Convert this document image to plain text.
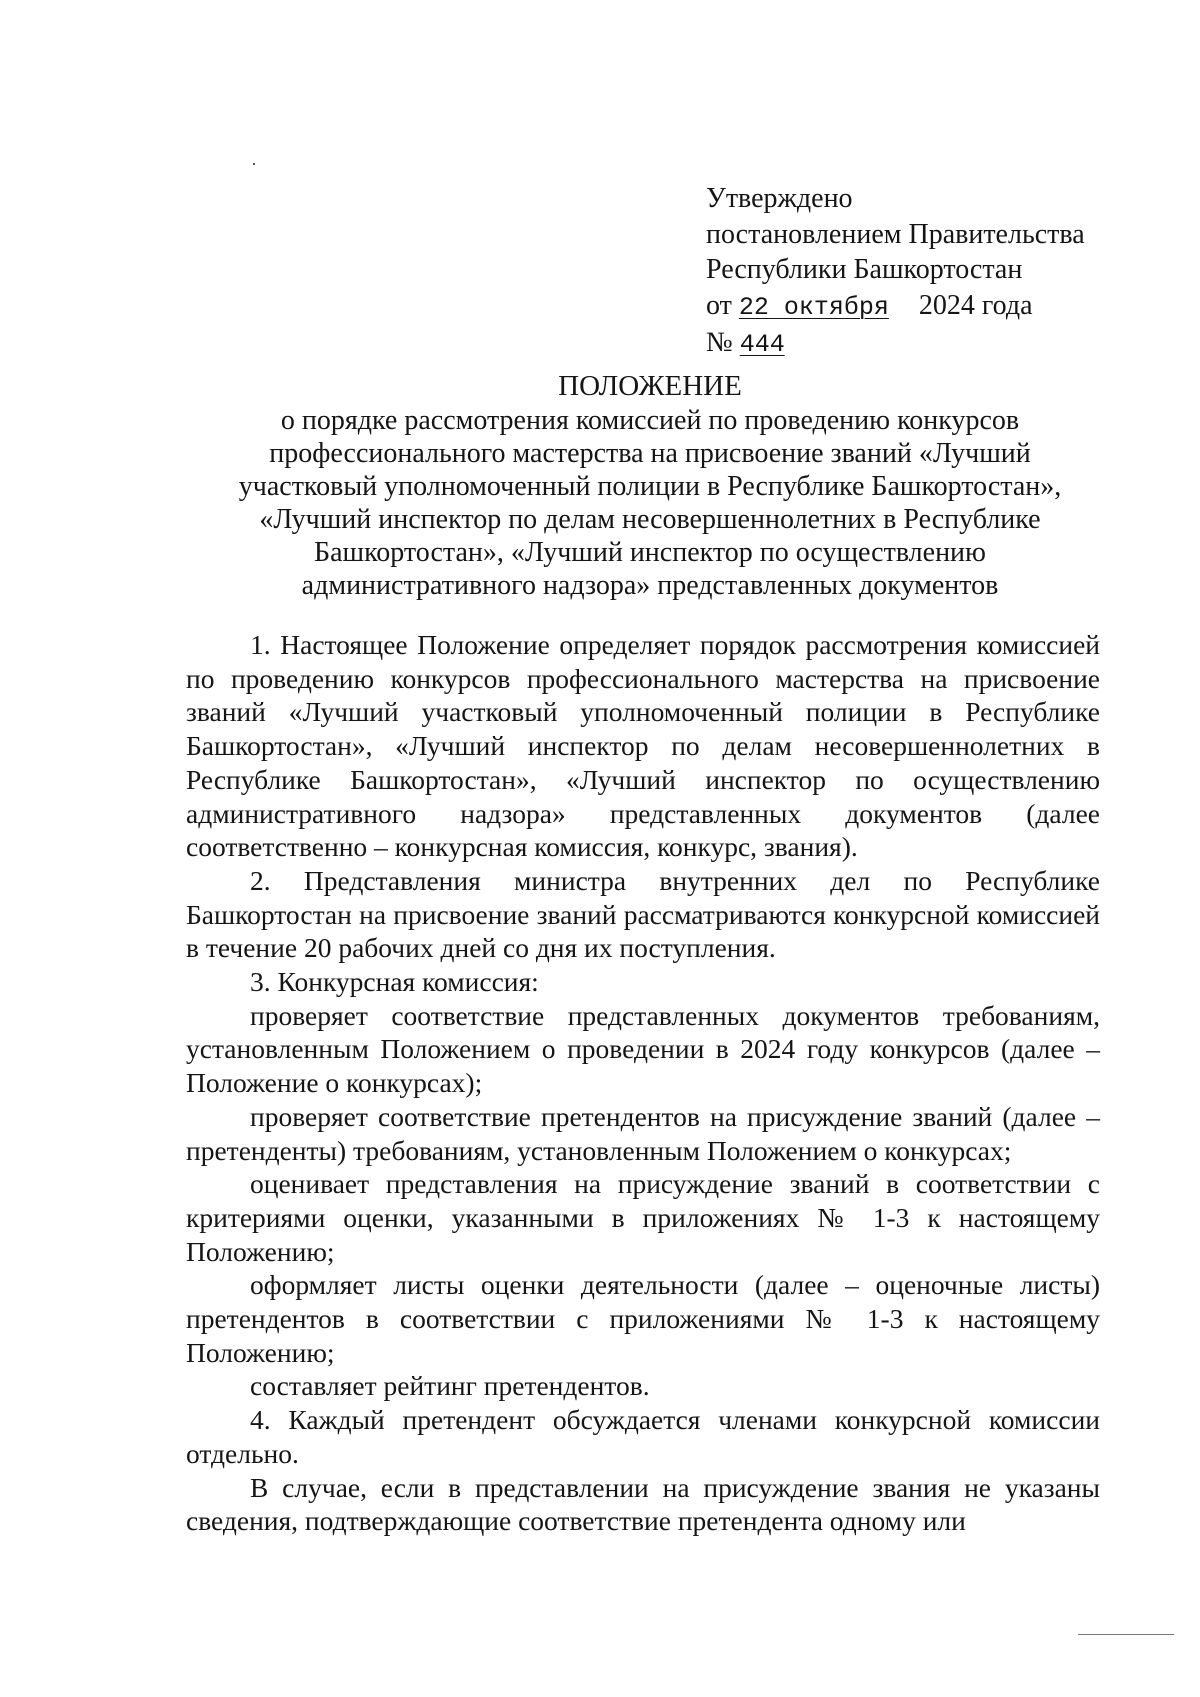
Утверждено
постановлением Правительства
Республики Башкортостан
от 22 октября 2024 года
№ 444
ПОЛОЖЕНИЕ
о порядке рассмотрения комиссией по проведению конкурсов
профессионального мастерства на присвоение званий «Лучший
участковый уполномоченный полиции в Республике Башкортостан»,
«Лучший инспектор по делам несовершеннолетних в Республике
Башкортостан», «Лучший инспектор по осуществлению
административного надзора» представленных документов

1. Настоящее Положение определяет порядок рассмотрения комиссией по проведению конкурсов профессионального мастерства на присвоение званий «Лучший участковый уполномоченный полиции в Республике Башкортостан», «Лучший инспектор по делам несовершеннолетних в Республике Башкортостан», «Лучший инспектор по осуществлению административного надзора» представленных документов (далее соответственно – конкурсная комиссия, конкурс, звания).

2. Представления министра внутренних дел по Республике Башкортостан на присвоение званий рассматриваются конкурсной комиссией в течение 20 рабочих дней со дня их поступления.

3. Конкурсная комиссия:

проверяет соответствие представленных документов требованиям, установленным Положением о проведении в 2024 году конкурсов (далее – Положение о конкурсах);

проверяет соответствие претендентов на присуждение званий (далее – претенденты) требованиям, установленным Положением о конкурсах;

оценивает представления на присуждение званий в соответствии с критериями оценки, указанными в приложениях № 1-3 к настоящему Положению;

оформляет листы оценки деятельности (далее – оценочные листы) претендентов в соответствии с приложениями № 1-3 к настоящему Положению;

составляет рейтинг претендентов.

4. Каждый претендент обсуждается членами конкурсной комиссии отдельно.

В случае, если в представлении на присуждение звания не указаны сведения, подтверждающие соответствие претендента одному или
